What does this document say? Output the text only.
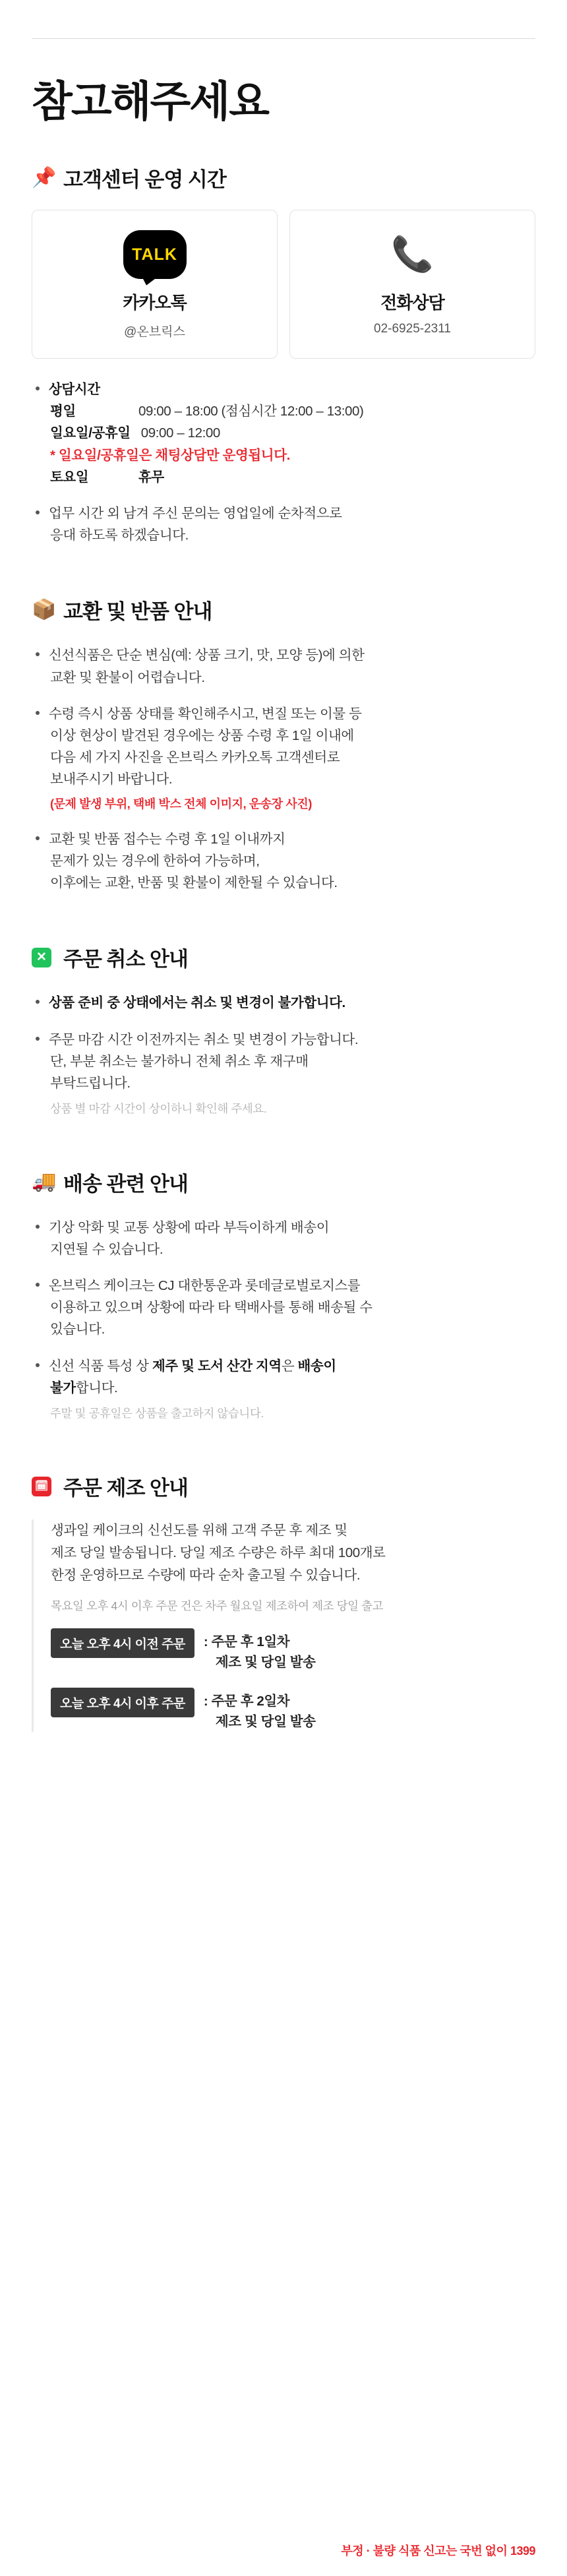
참고해주세요
📌 고객센터 운영 시간
TALK
카카오톡
@온브릭스
📞
전화상담
02-6925-2311
상담시간
평일	09:00 – 18:00 (점심시간 12:00 – 13:00)
일요일/공휴일 09:00 – 12:00
* 일요일/공휴일은 채팅상담만 운영됩니다.
토요일	휴무
업무 시간 외 남겨 주신 문의는 영업일에 순차적으로
응대 하도록 하겠습니다.
📦 교환 및 반품 안내
신선식품은 단순 변심(예: 상품 크기, 맛, 모양 등)에 의한
교환 및 환불이 어렵습니다.
수령 즉시 상품 상태를 확인해주시고, 변질 또는 이물 등
이상 현상이 발견된 경우에는 상품 수령 후 1일 이내에
다음 세 가지 사진을 온브릭스 카카오톡 고객센터로
보내주시기 바랍니다.
(문제 발생 부위, 택배 박스 전체 이미지, 운송장 사진)
교환 및 반품 접수는 수령 후 1일 이내까지
문제가 있는 경우에 한하여 가능하며,
이후에는 교환, 반품 및 환불이 제한될 수 있습니다.
✕ 주문 취소 안내
상품 준비 중 상태에서는 취소 및 변경이 불가합니다.
주문 마감 시간 이전까지는 취소 및 변경이 가능합니다.
단, 부분 취소는 불가하니 전체 취소 후 재구매
부탁드립니다.
상품 별 마감 시간이 상이하니 확인해 주세요.
🚚 배송 관련 안내
기상 악화 및 교통 상황에 따라 부득이하게 배송이
지연될 수 있습니다.
온브릭스 케이크는 CJ 대한통운과 롯데글로벌로지스를
이용하고 있으며 상황에 따라 타 택배사를 통해 배송될 수
있습니다.
신선 식품 특성 상 제주 및 도서 산간 지역은 배송이
불가합니다.
주말 및 공휴일은 상품을 출고하지 않습니다.
🗓 주문 제조 안내

생과일 케이크의 신선도를 위해 고객 주문 후 제조 및
제조 당일 발송됩니다. 당일 제조 수량은 하루 최대 100개로
한정 운영하므로 수량에 따라 순차 출고될 수 있습니다.

목요일 오후 4시 이후 주문 건은 차주 월요일 제조하여 제조 당일 출고
오늘 오후 4시 이전 주문	: 주문 후 1일차
제조 및 당일 발송
오늘 오후 4시 이후 주문	: 주문 후 2일차
제조 및 당일 발송
부정 · 불량 식품 신고는 국번 없이 1399
